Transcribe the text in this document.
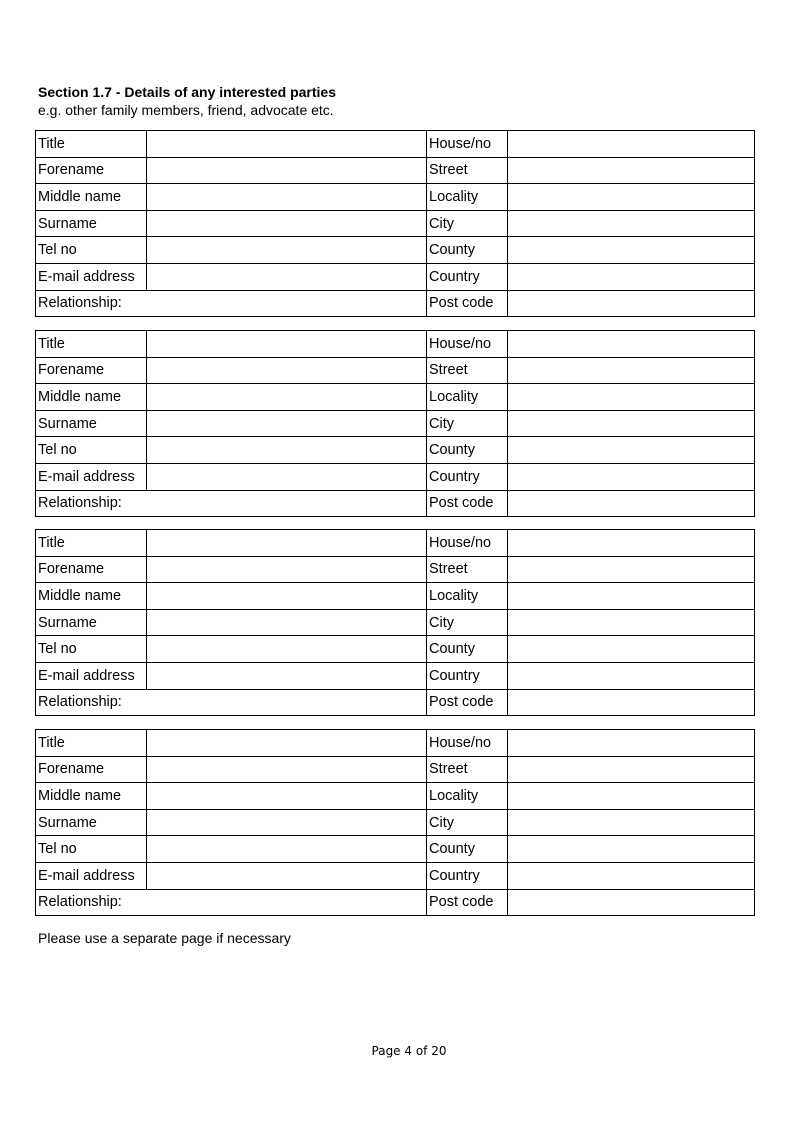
Section 1.7 - Details of any interested parties
e.g. other family members, friend, advocate etc.
Title		House/no	
Forename		Street	
Middle name		Locality	
Surname		City	
Tel no		County	
E-mail address		Country	
Relationship:		Post code	
Title		House/no	
Forename		Street	
Middle name		Locality	
Surname		City	
Tel no		County	
E-mail address		Country	
Relationship:		Post code	
Title		House/no	
Forename		Street	
Middle name		Locality	
Surname		City	
Tel no		County	
E-mail address		Country	
Relationship:		Post code	
Title		House/no	
Forename		Street	
Middle name		Locality	
Surname		City	
Tel no		County	
E-mail address		Country	
Relationship:		Post code	

Please use a separate page if necessary

Page 4 of 20
